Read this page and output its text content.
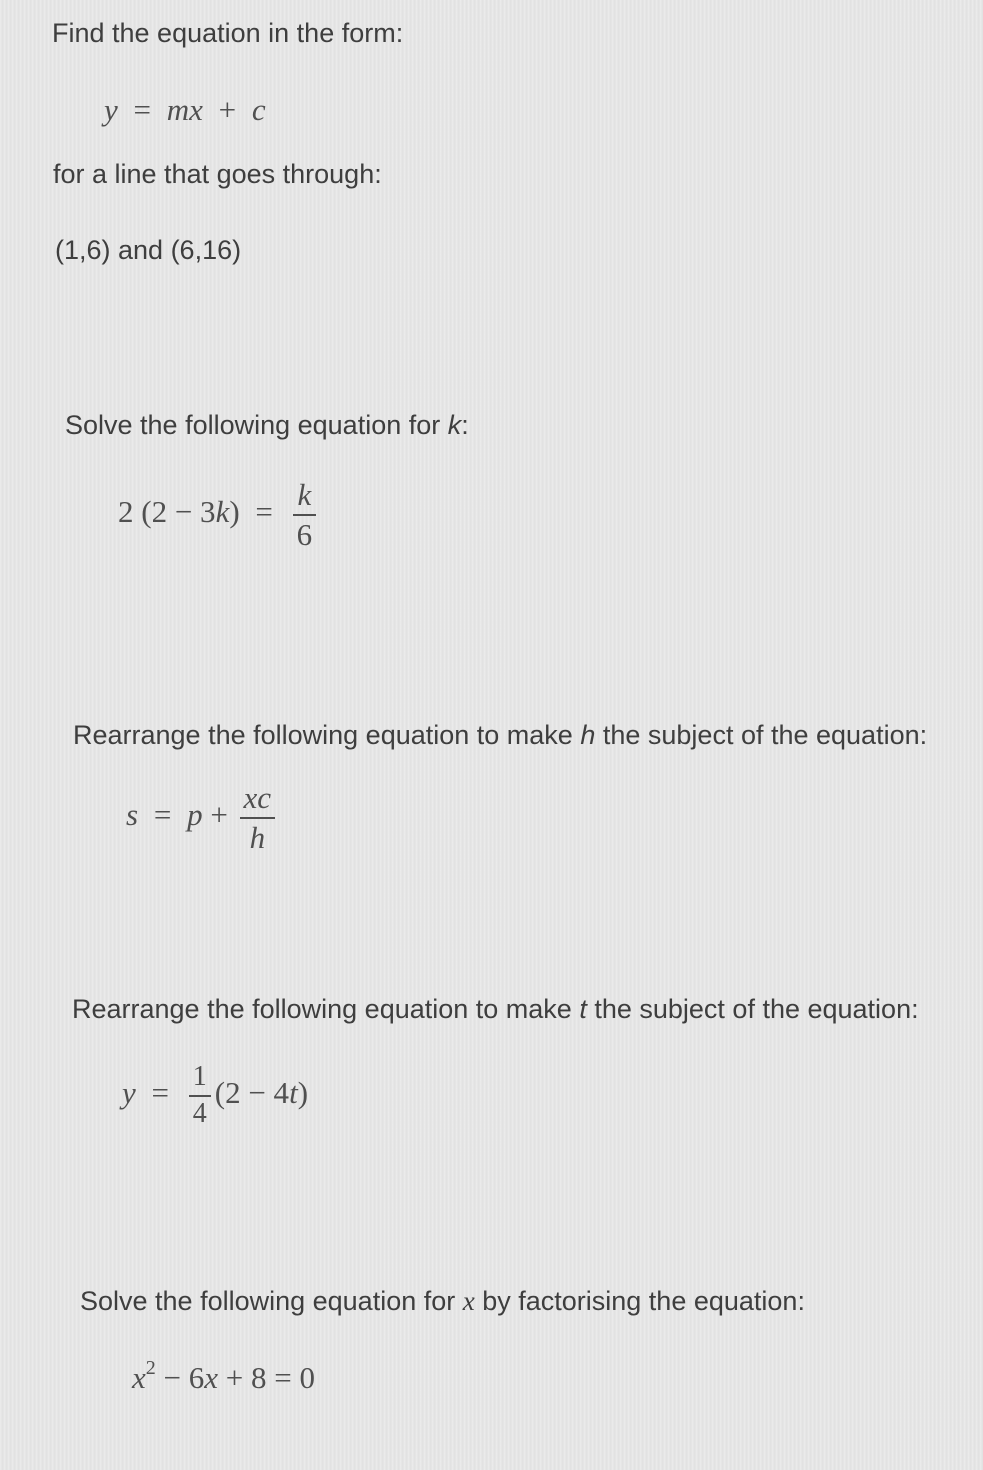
Find the equation in the form:
y = mx + c
for a line that goes through:
(1,6) and (6,16)
Solve the following equation for k:
2 $(2 - 3k) = \frac{k}{6}$
Rearrange the following equation to make h the subject of the equation:
$s = p + \frac{xc}{h}$
Rearrange the following equation to make t the subject of the equation:
$y = \frac{1}{4} (2 - 4t)$
Solve the following equation for x by factorising the equation:
$x^2 - 6x + 8 = 0$
